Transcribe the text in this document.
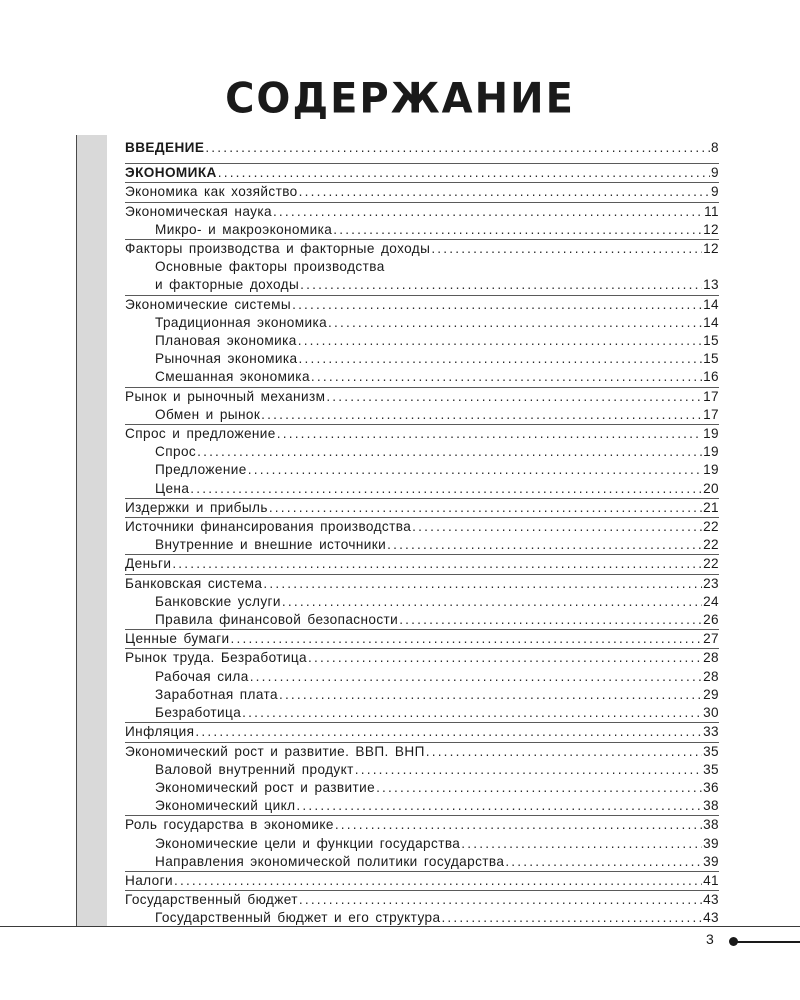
СОДЕРЖАНИЕ
ВВЕДЕНИЕ .....	8
ЭКОНОМИКА .....	9
Экономика как хозяйство .....	9
Экономическая наука .....	11
Микро- и макроэкономика .....	12
Факторы производства и факторные доходы .....	12
Основные факторы производства
и факторные доходы .....	13
Экономические системы .....	14
Традиционная экономика .....	14
Плановая экономика .....	15
Рыночная экономика .....	15
Смешанная экономика .....	16
Рынок и рыночный механизм .....	17
Обмен и рынок .....	17
Спрос и предложение .....	19
Спрос .....	19
Предложение .....	19
Цена .....	20
Издержки и прибыль .....	21
Источники финансирования производства .....	22
Внутренние и внешние источники .....	22
Деньги .....	22
Банковская система .....	23
Банковские услуги .....	24
Правила финансовой безопасности .....	26
Ценные бумаги .....	27
Рынок труда. Безработица .....	28
Рабочая сила .....	28
Заработная плата .....	29
Безработица .....	30
Инфляция .....	33
Экономический рост и развитие. ВВП. ВНП .....	35
Валовой внутренний продукт .....	35
Экономический рост и развитие .....	36
Экономический цикл .....	38
Роль государства в экономике .....	38
Экономические цели и функции государства .....	39
Направления экономической политики государства .....	39
Налоги .....	41
Государственный бюджет .....	43
Государственный бюджет и его структура .....	43
3
